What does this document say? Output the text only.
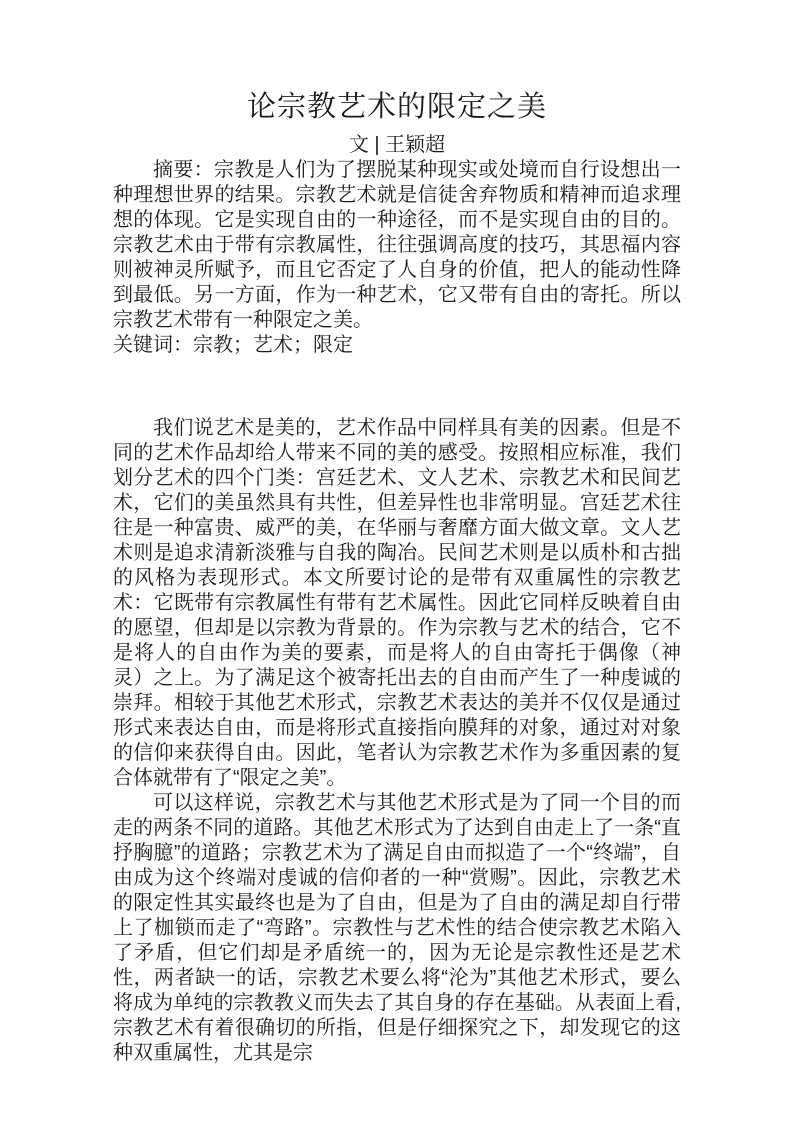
论宗教艺术的限定之美

文 | 王颖超

摘要：宗教是人们为了摆脱某种现实或处境而自行设想出一种理想世界的结果。宗教艺术就是信徒舍弃物质和精神而追求理想的体现。它是实现自由的一种途径，而不是实现自由的目的。宗教艺术由于带有宗教属性，往往强调高度的技巧，其思福内容则被神灵所赋予，而且它否定了人自身的价值，把人的能动性降到最低。另一方面，作为一种艺术，它又带有自由的寄托。所以宗教艺术带有一种限定之美。

关键词：宗教；艺术；限定

我们说艺术是美的，艺术作品中同样具有美的因素。但是不同的艺术作品却给人带来不同的美的感受。按照相应标准，我们划分艺术的四个门类：宫廷艺术、文人艺术、宗教艺术和民间艺术，它们的美虽然具有共性，但差异性也非常明显。宫廷艺术往往是一种富贵、威严的美，在华丽与奢靡方面大做文章。文人艺术则是追求清新淡雅与自我的陶冶。民间艺术则是以质朴和古拙的风格为表现形式。本文所要讨论的是带有双重属性的宗教艺术：它既带有宗教属性有带有艺术属性。因此它同样反映着自由的愿望，但却是以宗教为背景的。作为宗教与艺术的结合，它不是将人的自由作为美的要素，而是将人的自由寄托于偶像（神灵）之上。为了满足这个被寄托出去的自由而产生了一种虔诚的崇拜。相较于其他艺术形式，宗教艺术表达的美并不仅仅是通过形式来表达自由，而是将形式直接指向膜拜的对象，通过对对象的信仰来获得自由。因此，笔者认为宗教艺术作为多重因素的复合体就带有了“限定之美”。

可以这样说，宗教艺术与其他艺术形式是为了同一个目的而走的两条不同的道路。其他艺术形式为了达到自由走上了一条“直抒胸臆”的道路；宗教艺术为了满足自由而拟造了一个“终端”，自由成为这个终端对虔诚的信仰者的一种“赏赐”。因此，宗教艺术的限定性其实最终也是为了自由，但是为了自由的满足却自行带上了枷锁而走了“弯路”。宗教性与艺术性的结合使宗教艺术陷入了矛盾，但它们却是矛盾统一的，因为无论是宗教性还是艺术性，两者缺一的话，宗教艺术要么将“沦为”其他艺术形式，要么将成为单纯的宗教教义而失去了其自身的存在基础。从表面上看,宗教艺术有着很确切的所指，但是仔细探究之下，却发现它的这种双重属性，尤其是宗
